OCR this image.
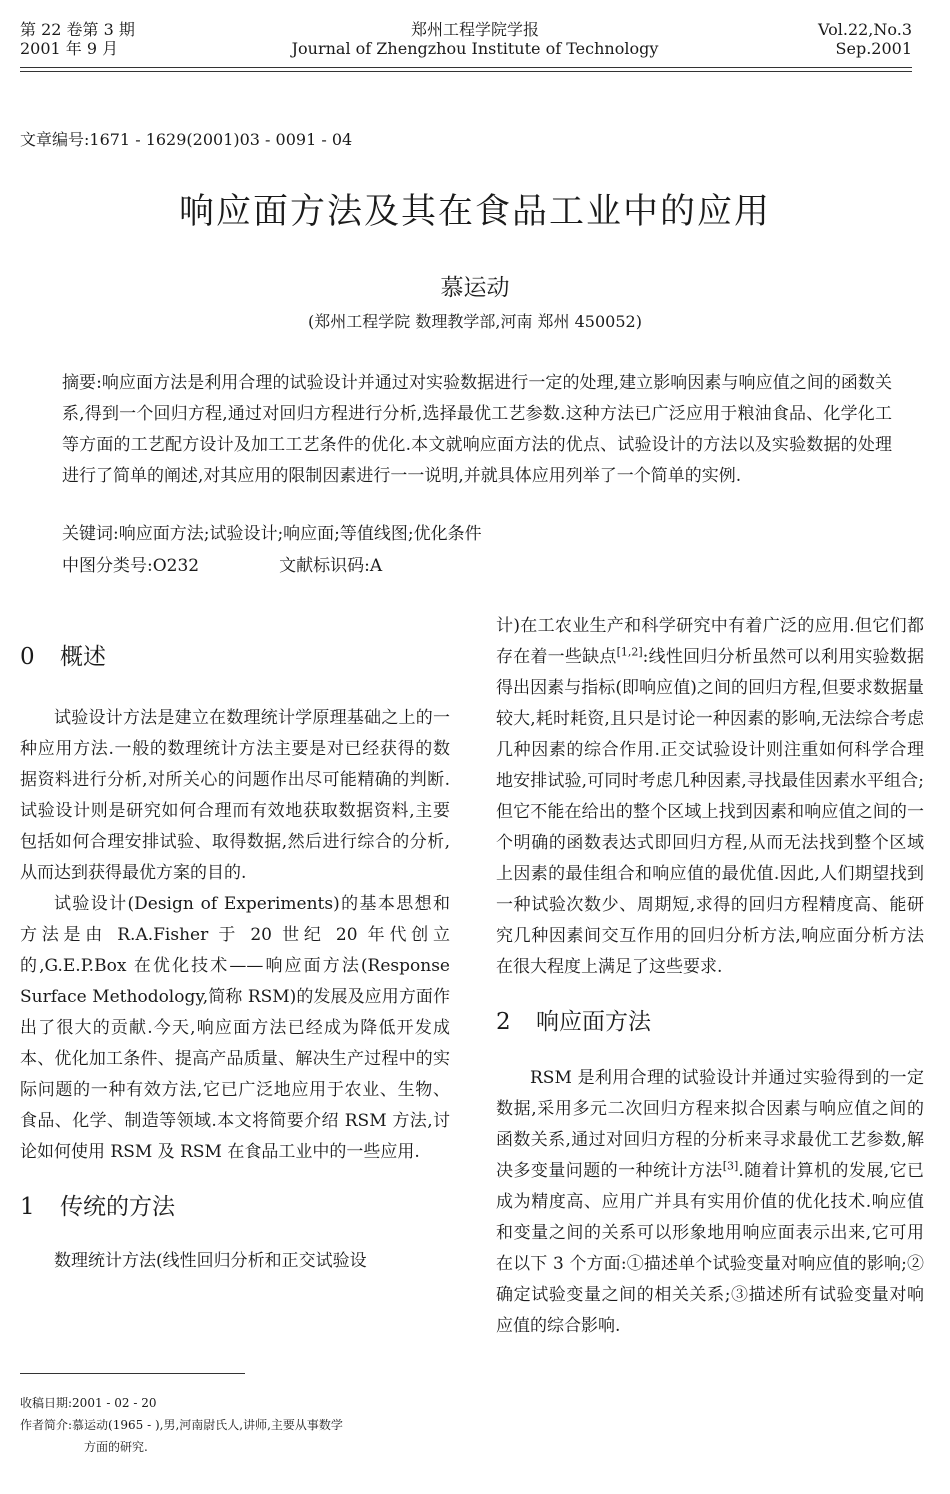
第 22 卷第 3 期
2001 年 9 月
郑州工程学院学报
Journal of Zhengzhou Institute of Technology
Vol.22,No.3
Sep.2001
文章编号:1671 - 1629(2001)03 - 0091 - 04
响应面方法及其在食品工业中的应用
慕运动
(郑州工程学院 数理教学部,河南 郑州 450052)
摘要:响应面方法是利用合理的试验设计并通过对实验数据进行一定的处理,建立影响因素与响应值之间的函数关系,得到一个回归方程,通过对回归方程进行分析,选择最优工艺参数.这种方法已广泛应用于粮油食品、化学化工等方面的工艺配方设计及加工工艺条件的优化.本文就响应面方法的优点、试验设计的方法以及实验数据的处理进行了简单的阐述,对其应用的限制因素进行一一说明,并就具体应用列举了一个简单的实例.
关键词:响应面方法;试验设计;响应面;等值线图;优化条件
中图分类号:O232	文献标识码:A
0 概述

试验设计方法是建立在数理统计学原理基础之上的一种应用方法.一般的数理统计方法主要是对已经获得的数据资料进行分析,对所关心的问题作出尽可能精确的判断.试验设计则是研究如何合理而有效地获取数据资料,主要包括如何合理安排试验、取得数据,然后进行综合的分析,从而达到获得最优方案的目的.

试验设计(Design of Experiments)的基本思想和方法是由 R.A.Fisher 于 20 世纪 20 年代创立的,G.E.P.Box 在优化技术——响应面方法(Response Surface Methodology,简称 RSM)的发展及应用方面作出了很大的贡献.今天,响应面方法已经成为降低开发成本、优化加工条件、提高产品质量、解决生产过程中的实际问题的一种有效方法,它已广泛地应用于农业、生物、食品、化学、制造等领域.本文将简要介绍 RSM 方法,讨论如何使用 RSM 及 RSM 在食品工业中的一些应用.

1 传统的方法

数理统计方法(线性回归分析和正交试验设

计)在工农业生产和科学研究中有着广泛的应用.但它们都存在着一些缺点[1,2]:线性回归分析虽然可以利用实验数据得出因素与指标(即响应值)之间的回归方程,但要求数据量较大,耗时耗资,且只是讨论一种因素的影响,无法综合考虑几种因素的综合作用.正交试验设计则注重如何科学合理地安排试验,可同时考虑几种因素,寻找最佳因素水平组合;但它不能在给出的整个区域上找到因素和响应值之间的一个明确的函数表达式即回归方程,从而无法找到整个区域上因素的最佳组合和响应值的最优值.因此,人们期望找到一种试验次数少、周期短,求得的回归方程精度高、能研究几种因素间交互作用的回归分析方法,响应面分析方法在很大程度上满足了这些要求.

2 响应面方法

RSM 是利用合理的试验设计并通过实验得到的一定数据,采用多元二次回归方程来拟合因素与响应值之间的函数关系,通过对回归方程的分析来寻求最优工艺参数,解决多变量问题的一种统计方法[3].随着计算机的发展,它已成为精度高、应用广并具有实用价值的优化技术.响应值和变量之间的关系可以形象地用响应面表示出来,它可用在以下 3 个方面:①描述单个试验变量对响应值的影响;②确定试验变量之间的相关关系;③描述所有试验变量对响应值的综合影响.

收稿日期:2001 - 02 - 20
作者简介:慕运动(1965 - ),男,河南尉氏人,讲师,主要从事数学
方面的研究.
